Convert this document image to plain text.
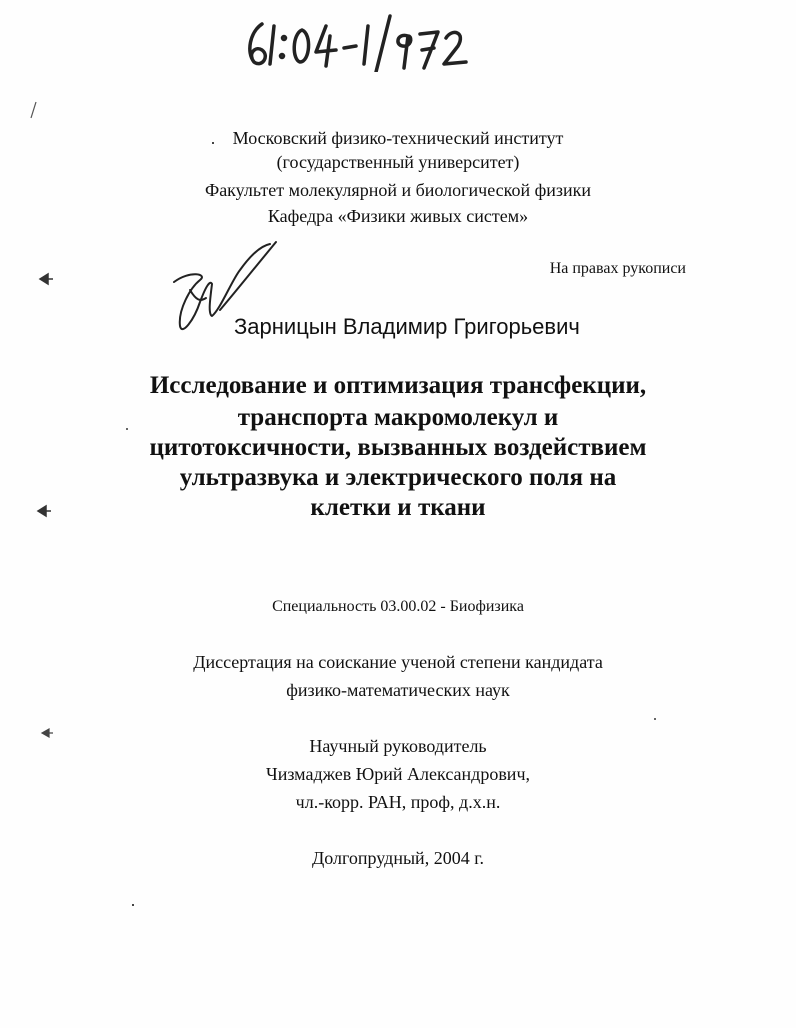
Московский физико-технический институт
(государственный университет)
Факультет молекулярной и биологической физики
Кафедра «Физики живых систем»
На правах рукописи
Зарницын Владимир Григорьевич
Исследование и оптимизация трансфекции,
транспорта макромолекул и
цитотоксичности, вызванных воздействием
ультразвука и электрического поля на
клетки и ткани
Специальность 03.00.02 - Биофизика
Диссертация на соискание ученой степени кандидата
физико-математических наук
Научный руководитель
Чизмаджев Юрий Александрович,
чл.-корр. РАН, проф, д.х.н.
Долгопрудный, 2004 г.
